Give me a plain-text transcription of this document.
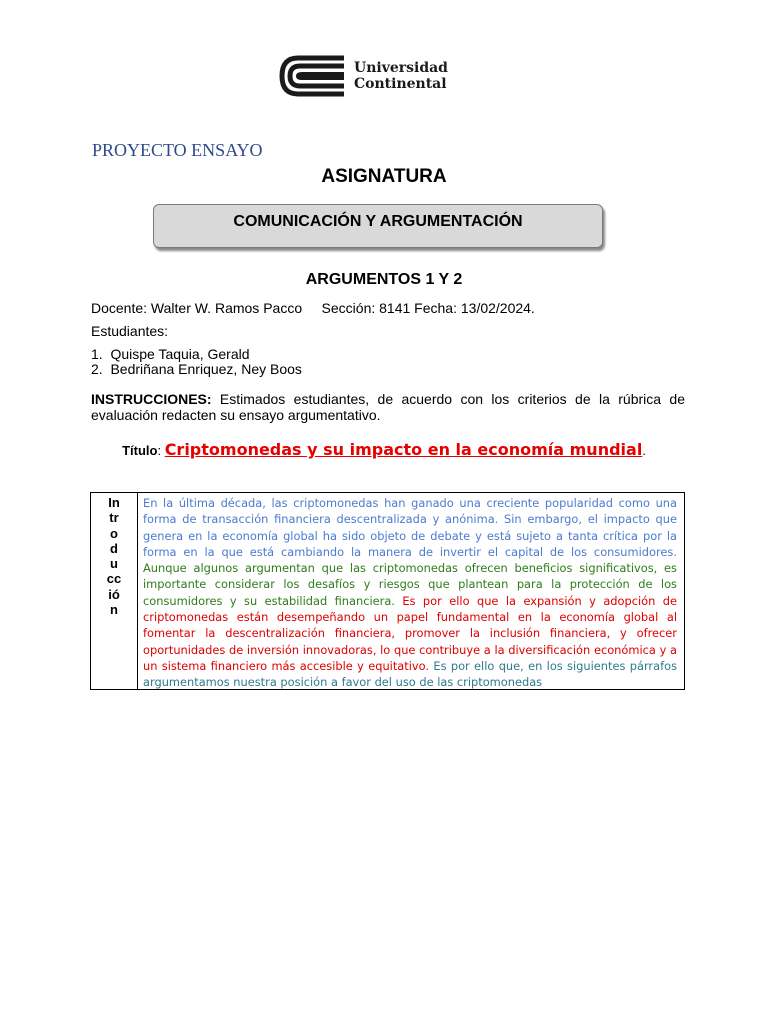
Universidad
Continental
PROYECTO ENSAYO
ASIGNATURA
COMUNICACIÓN Y ARGUMENTACIÓN
ARGUMENTOS 1 Y 2
Docente: Walter W. Ramos Pacco     Sección: 8141 Fecha: 13/02/2024.
Estudiantes:
1.  Quispe Taquia, Gerald
2.  Bedriñana Enriquez, Ney Boos
INSTRUCCIONES: Estimados estudiantes, de acuerdo con los criterios de la rúbrica de evaluación redacten su ensayo argumentativo.
Título: Criptomonedas y su impacto en la economía mundial.
In
tr
o
d
u
cc
ió
n
En la última década, las criptomonedas han ganado una creciente popularidad como una forma de transacción financiera descentralizada y anónima. Sin embargo, el impacto que genera en la economía global ha sido objeto de debate y está sujeto a tanta crítica por la forma en la que está cambiando la manera de invertir el capital de los consumidores. Aunque algunos argumentan que las criptomonedas ofrecen beneficios significativos, es importante considerar los desafíos y riesgos que plantean para la protección de los consumidores y su estabilidad financiera. Es por ello que la expansión y adopción de criptomonedas están desempeñando un papel fundamental en la economía global al fomentar la descentralización financiera, promover la inclusión financiera, y ofrecer oportunidades de inversión innovadoras, lo que contribuye a la diversificación económica y a un sistema financiero más accesible y equitativo. Es por ello que, en los siguientes párrafos argumentamos nuestra posición a favor del uso de las criptomonedas
